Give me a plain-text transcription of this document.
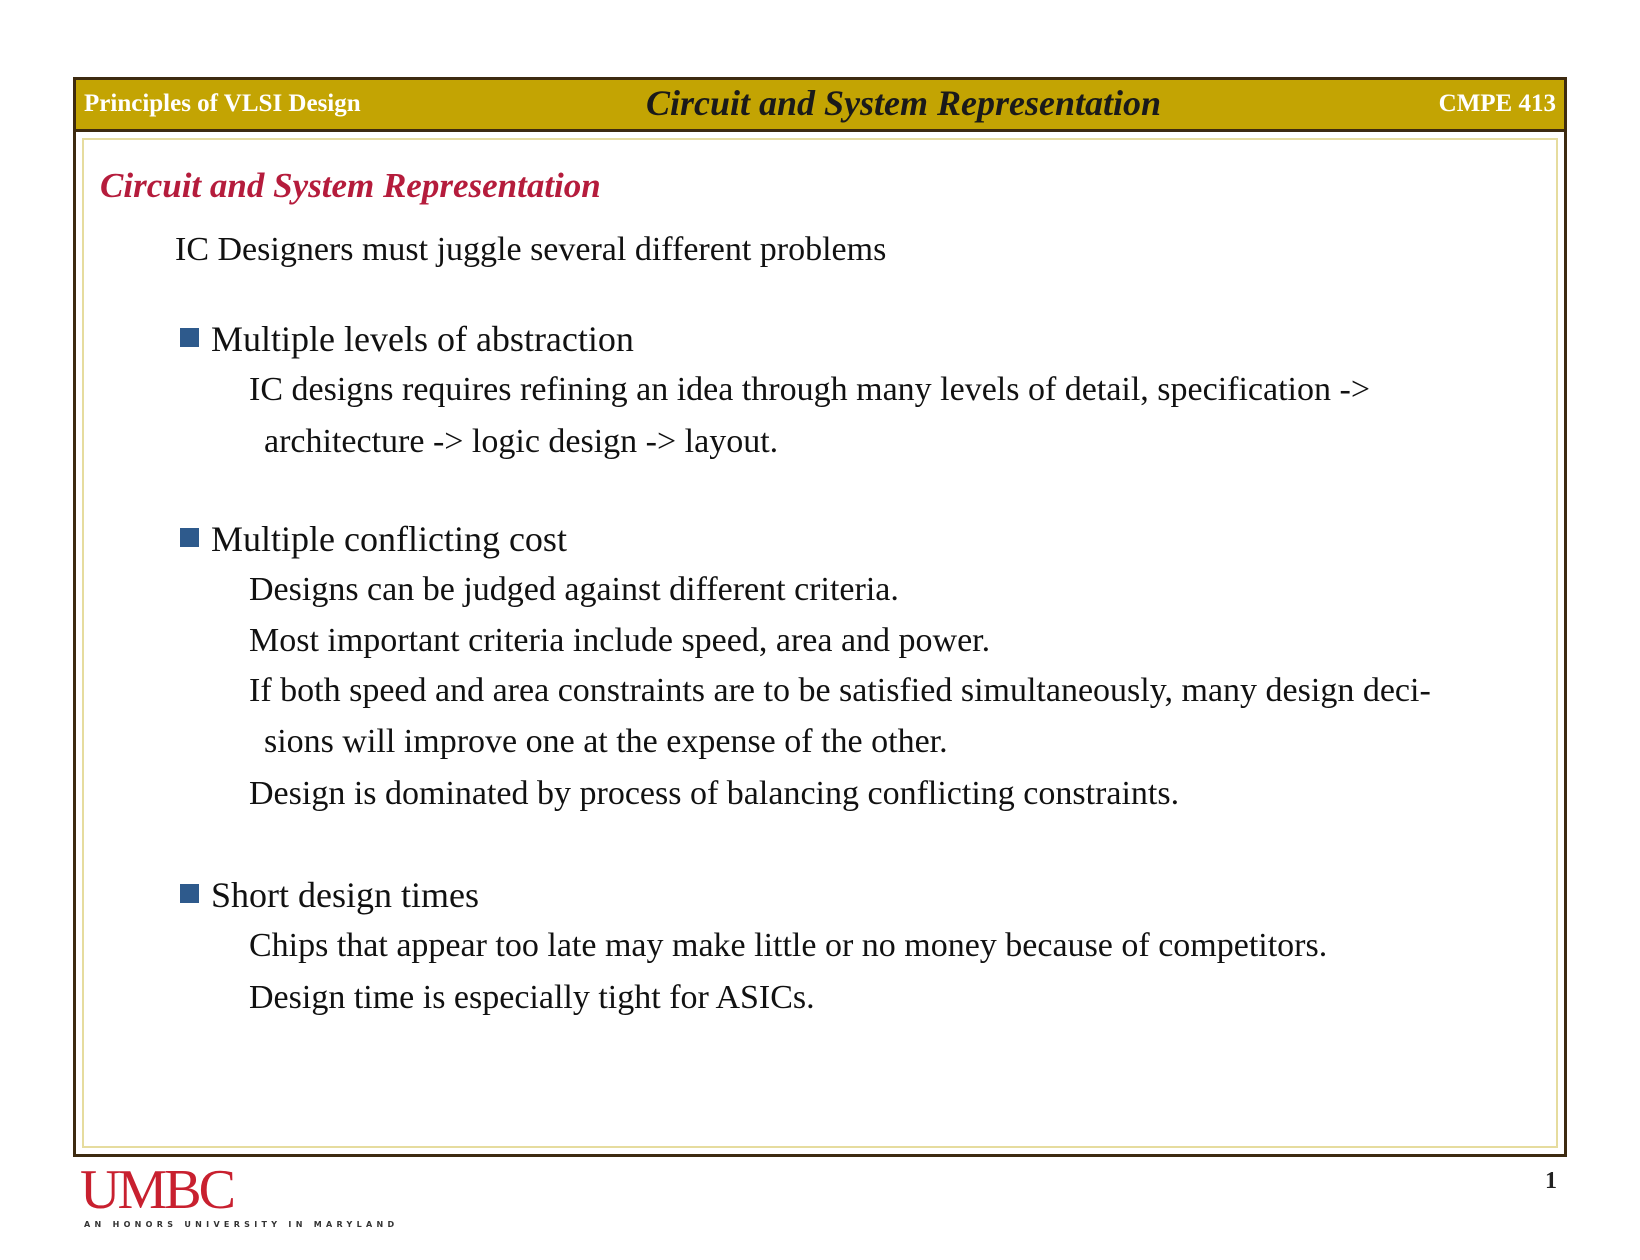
Principles of VLSI Design	Circuit and System Representation	CMPE 413
Circuit and System Representation
IC Designers must juggle several different problems
Multiple levels of abstraction
IC designs requires refining an idea through many levels of detail, specification ->
architecture -> logic design -> layout.
Multiple conflicting cost
Designs can be judged against different criteria.
Most important criteria include speed, area and power.
If both speed and area constraints are to be satisfied simultaneously, many design deci-
sions will improve one at the expense of the other.
Design is dominated by process of balancing conflicting constraints.
Short design times
Chips that appear too late may make little or no money because of competitors.
Design time is especially tight for ASICs.
UMBC
AN HONORS UNIVERSITY IN MARYLAND
1
